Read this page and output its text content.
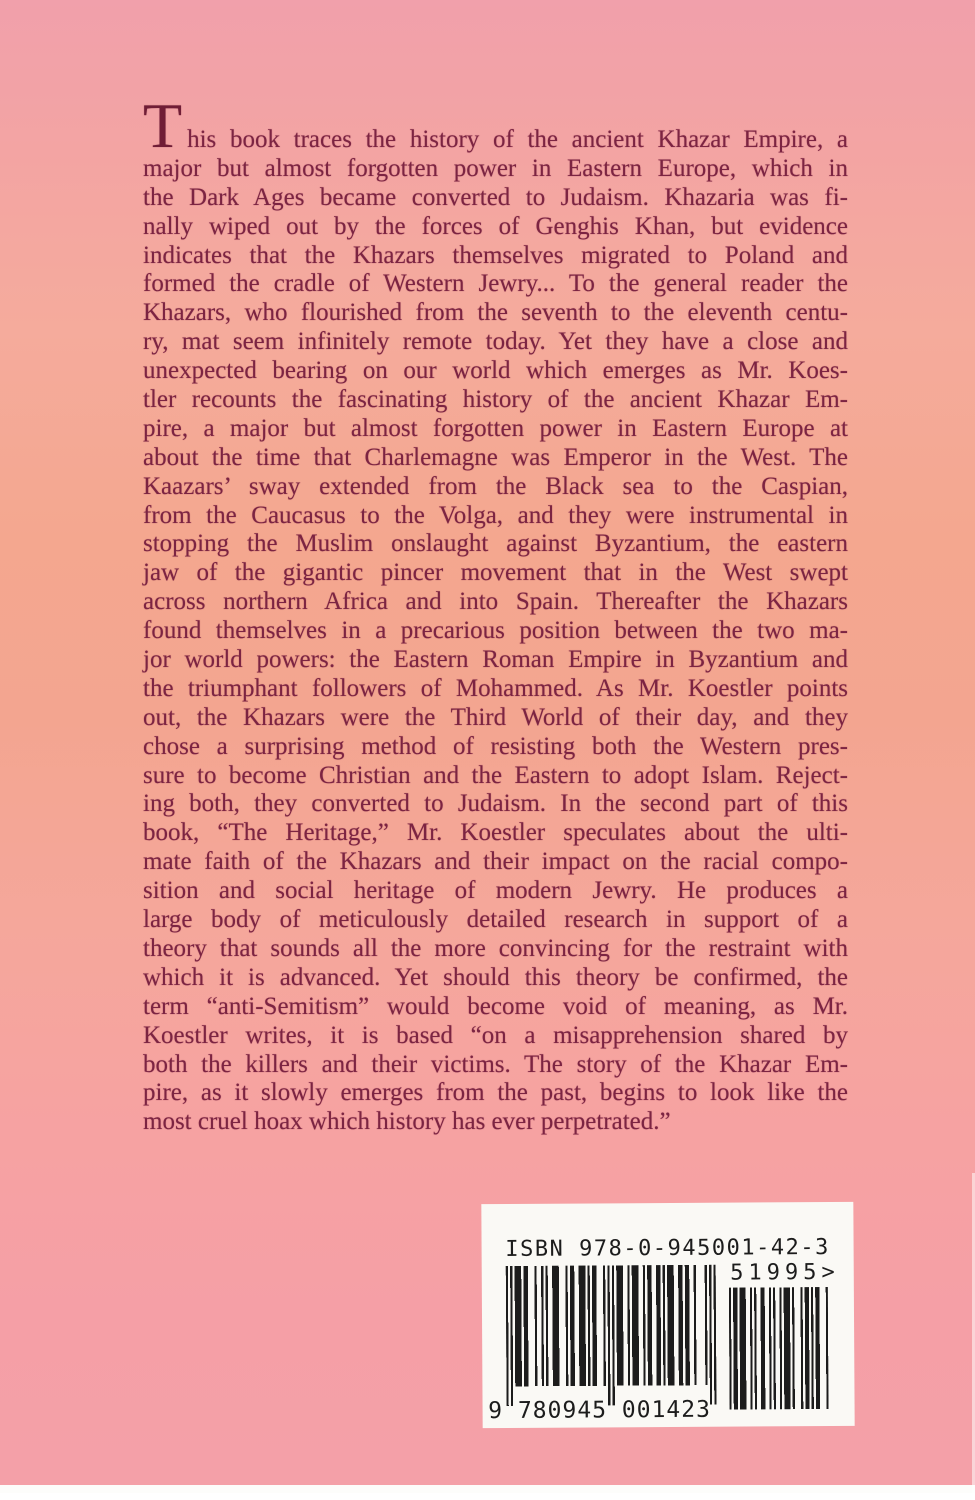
This book traces the history of the ancient Khazar Empire, a
major but almost forgotten power in Eastern Europe, which in
the Dark Ages became converted to Judaism. Khazaria was fi-
nally wiped out by the forces of Genghis Khan, but evidence
indicates that the Khazars themselves migrated to Poland and
formed the cradle of Western Jewry... To the general reader the
Khazars, who flourished from the seventh to the eleventh centu-
ry, mat seem infinitely remote today. Yet they have a close and
unexpected bearing on our world which emerges as Mr. Koes-
tler recounts the fascinating history of the ancient Khazar Em-
pire, a major but almost forgotten power in Eastern Europe at
about the time that Charlemagne was Emperor in the West. The
Kaazars’ sway extended from the Black sea to the Caspian,
from the Caucasus to the Volga, and they were instrumental in
stopping the Muslim onslaught against Byzantium, the eastern
jaw of the gigantic pincer movement that in the West swept
across northern Africa and into Spain. Thereafter the Khazars
found themselves in a precarious position between the two ma-
jor world powers: the Eastern Roman Empire in Byzantium and
the triumphant followers of Mohammed. As Mr. Koestler points
out, the Khazars were the Third World of their day, and they
chose a surprising method of resisting both the Western pres-
sure to become Christian and the Eastern to adopt Islam. Reject-
ing both, they converted to Judaism. In the second part of this
book, “The Heritage,” Mr. Koestler speculates about the ulti-
mate faith of the Khazars and their impact on the racial compo-
sition and social heritage of modern Jewry. He produces a
large body of meticulously detailed research in support of a
theory that sounds all the more convincing for the restraint with
which it is advanced. Yet should this theory be confirmed, the
term “anti-Semitism” would become void of meaning, as Mr.
Koestler writes, it is based “on a misapprehension shared by
both the killers and their victims. The story of the Khazar Em-
pire, as it slowly emerges from the past, begins to look like the
most cruel hoax which history has ever perpetrated.”
ISBN 978-0-945001-42-3
51995>
9 780945 001423
